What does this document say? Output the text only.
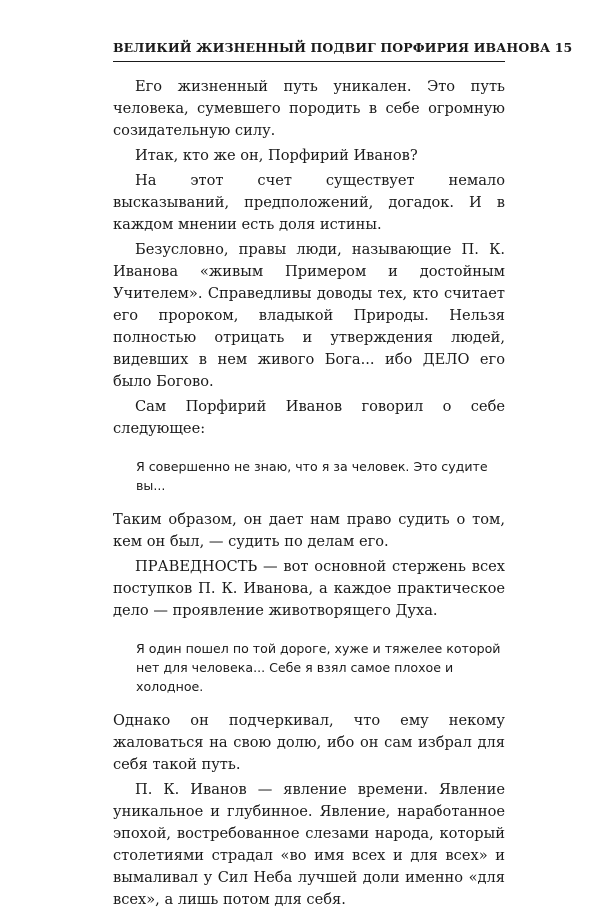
ВЕЛИКИЙ ЖИЗНЕННЫЙ ПОДВИГ ПОРФИРИЯ ИВАНОВА 15

Его жизненный путь уникален. Это путь человека, сумевшего породить в себе огромную созидательную силу.

Итак, кто же он, Порфирий Иванов?

На этот счет существует немало высказываний, предположений, догадок. И в каждом мнении есть доля истины.

Безусловно, правы люди, называющие П. К. Иванова «живым Примером и достойным Учителем». Справедливы доводы тех, кто считает его пророком, владыкой Природы. Нельзя полностью отрицать и утверждения людей, видевших в нем живого Бога... ибо ДЕЛО его было Богово.

Сам Порфирий Иванов говорил о себе следующее:

Я совершенно не знаю, что я за человек. Это судите вы...

Таким образом, он дает нам право судить о том, кем он был, — судить по делам его.

ПРАВЕДНОСТЬ — вот основной стержень всех поступков П. К. Иванова, а каждое практическое дело — проявление животворящего Духа.

Я один пошел по той дороге, хуже и тяжелее которой нет для человека... Себе я взял самое плохое и холодное.

Однако он подчеркивал, что ему некому жаловаться на свою долю, ибо он сам избрал для себя такой путь.

П. К. Иванов — явление времени. Явление уникальное и глубинное. Явление, наработанное эпохой, востребованное слезами народа, который столетиями страдал «во имя всех и для всех» и вымаливал у Сил Неба лучшей доли именно «для всех», а лишь потом для себя.
